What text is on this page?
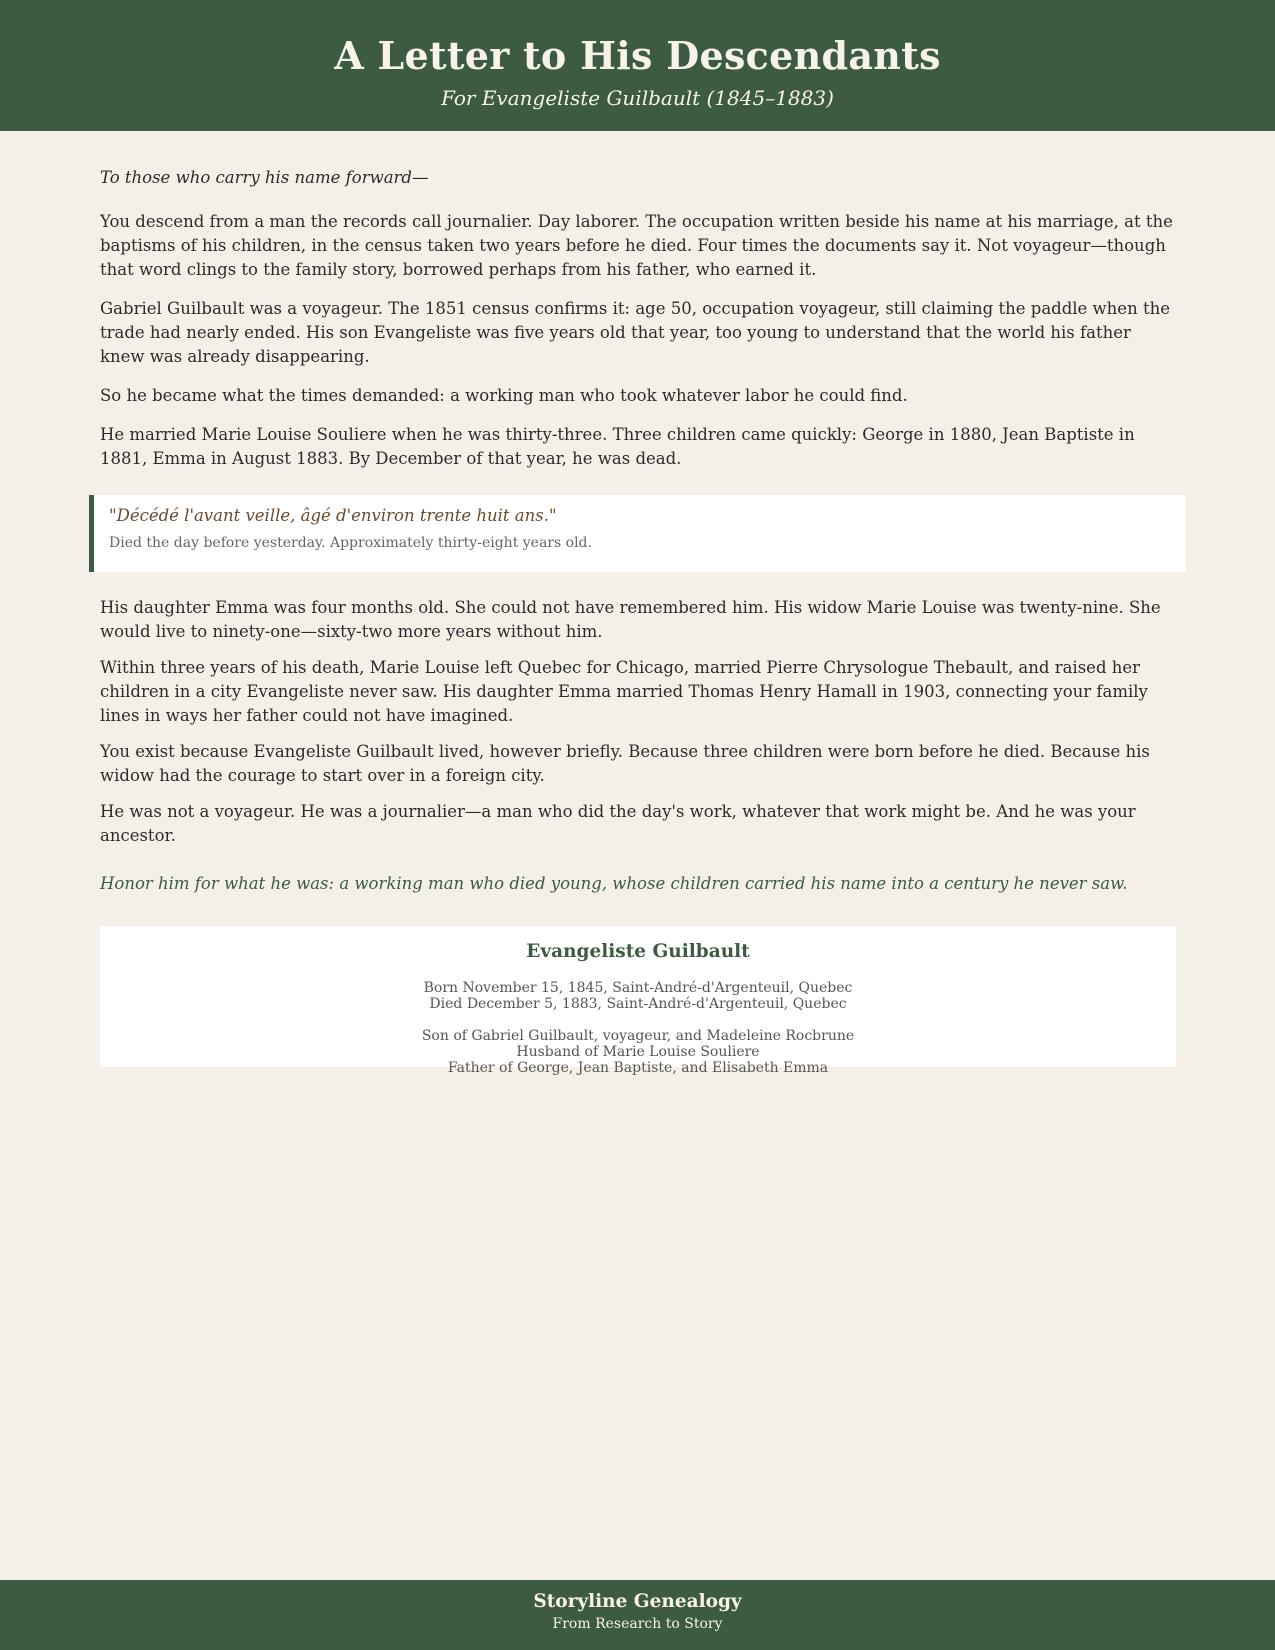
A Letter to His Descendants
For Evangeliste Guilbault (1845–1883)

To those who carry his name forward—

You descend from a man the records call journalier. Day laborer. The occupation written beside his name at his marriage, at the baptisms of his children, in the census taken two years before he died. Four times the documents say it. Not voyageur—though that word clings to the family story, borrowed perhaps from his father, who earned it.

Gabriel Guilbault was a voyageur. The 1851 census confirms it: age 50, occupation voyageur, still claiming the paddle when the trade had nearly ended. His son Evangeliste was five years old that year, too young to understand that the world his father knew was already disappearing.

So he became what the times demanded: a working man who took whatever labor he could find.

He married Marie Louise Souliere when he was thirty-three. Three children came quickly: George in 1880, Jean Baptiste in 1881, Emma in August 1883. By December of that year, he was dead.

"Décédé l'avant veille, âgé d'environ trente huit ans."
Died the day before yesterday. Approximately thirty-eight years old.

His daughter Emma was four months old. She could not have remembered him. His widow Marie Louise was twenty-nine. She would live to ninety-one—sixty-two more years without him.

Within three years of his death, Marie Louise left Quebec for Chicago, married Pierre Chrysologue Thebault, and raised her children in a city Evangeliste never saw. His daughter Emma married Thomas Henry Hamall in 1903, connecting your family lines in ways her father could not have imagined.

You exist because Evangeliste Guilbault lived, however briefly. Because three children were born before he died. Because his widow had the courage to start over in a foreign city.

He was not a voyageur. He was a journalier—a man who did the day's work, whatever that work might be. And he was your ancestor.

Honor him for what he was: a working man who died young, whose children carried his name into a century he never saw.

Evangeliste Guilbault
Born November 15, 1845, Saint-André-d'Argenteuil, Quebec
Died December 5, 1883, Saint-André-d'Argenteuil, Quebec
Son of Gabriel Guilbault, voyageur, and Madeleine Rocbrune
Husband of Marie Louise Souliere
Father of George, Jean Baptiste, and Elisabeth Emma
Storyline Genealogy
From Research to Story
